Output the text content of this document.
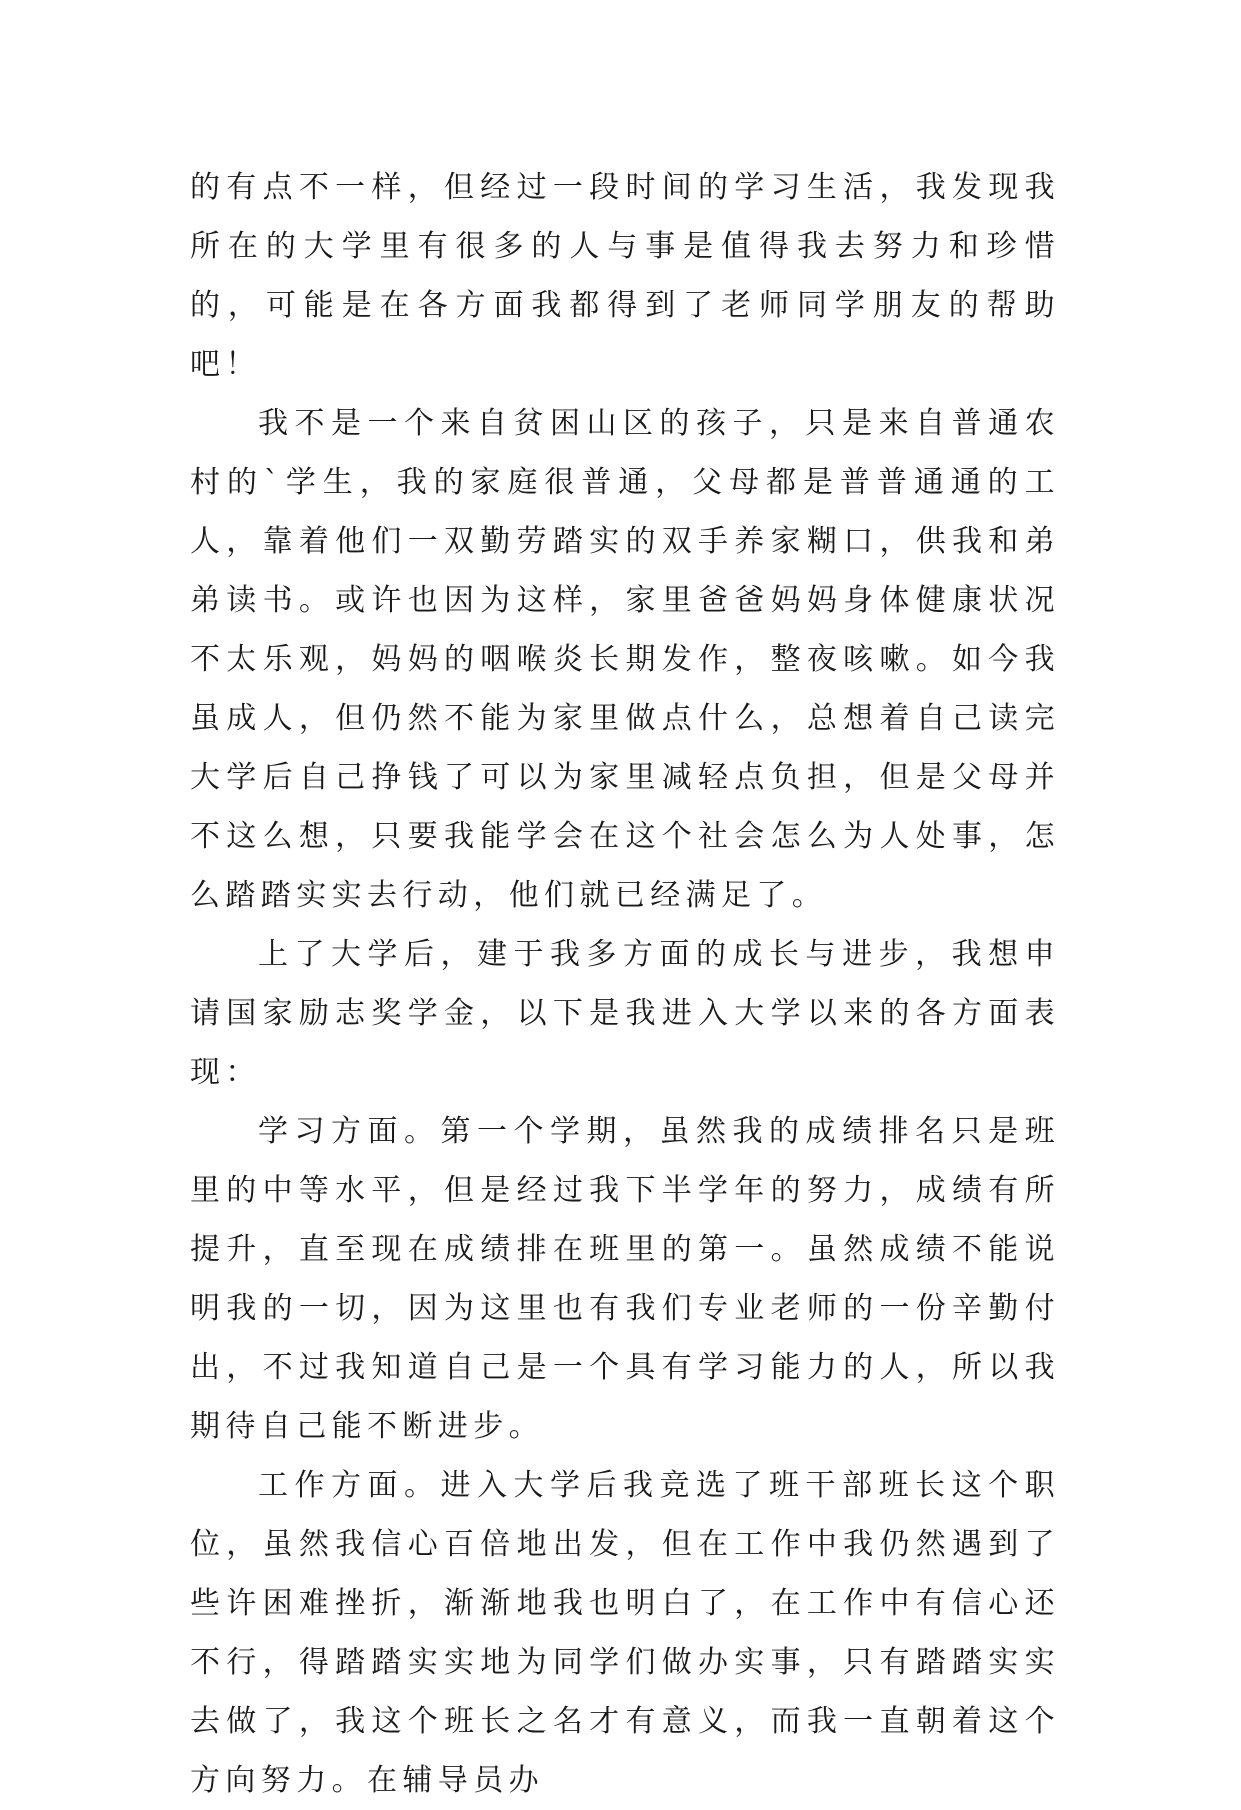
的有点不一样，但经过一段时间的学习生活，我发现我所在的大学里有很多的人与事是值得我去努力和珍惜的，可能是在各方面我都得到了老师同学朋友的帮助吧！

我不是一个来自贫困山区的孩子，只是来自普通农村的`学生，我的家庭很普通，父母都是普普通通的工人，靠着他们一双勤劳踏实的双手养家糊口，供我和弟弟读书。或许也因为这样，家里爸爸妈妈身体健康状况不太乐观，妈妈的咽喉炎长期发作，整夜咳嗽。如今我虽成人，但仍然不能为家里做点什么，总想着自己读完大学后自己挣钱了可以为家里减轻点负担，但是父母并不这么想，只要我能学会在这个社会怎么为人处事，怎么踏踏实实去行动，他们就已经满足了。

上了大学后，建于我多方面的成长与进步，我想申请国家励志奖学金，以下是我进入大学以来的各方面表现：

学习方面。第一个学期，虽然我的成绩排名只是班里的中等水平，但是经过我下半学年的努力，成绩有所提升，直至现在成绩排在班里的第一。虽然成绩不能说明我的一切，因为这里也有我们专业老师的一份辛勤付出，不过我知道自己是一个具有学习能力的人，所以我期待自己能不断进步。

工作方面。进入大学后我竞选了班干部班长这个职位，虽然我信心百倍地出发，但在工作中我仍然遇到了些许困难挫折，渐渐地我也明白了，在工作中有信心还不行，得踏踏实实地为同学们做办实事，只有踏踏实实去做了，我这个班长之名才有意义，而我一直朝着这个方向努力。在辅导员办
